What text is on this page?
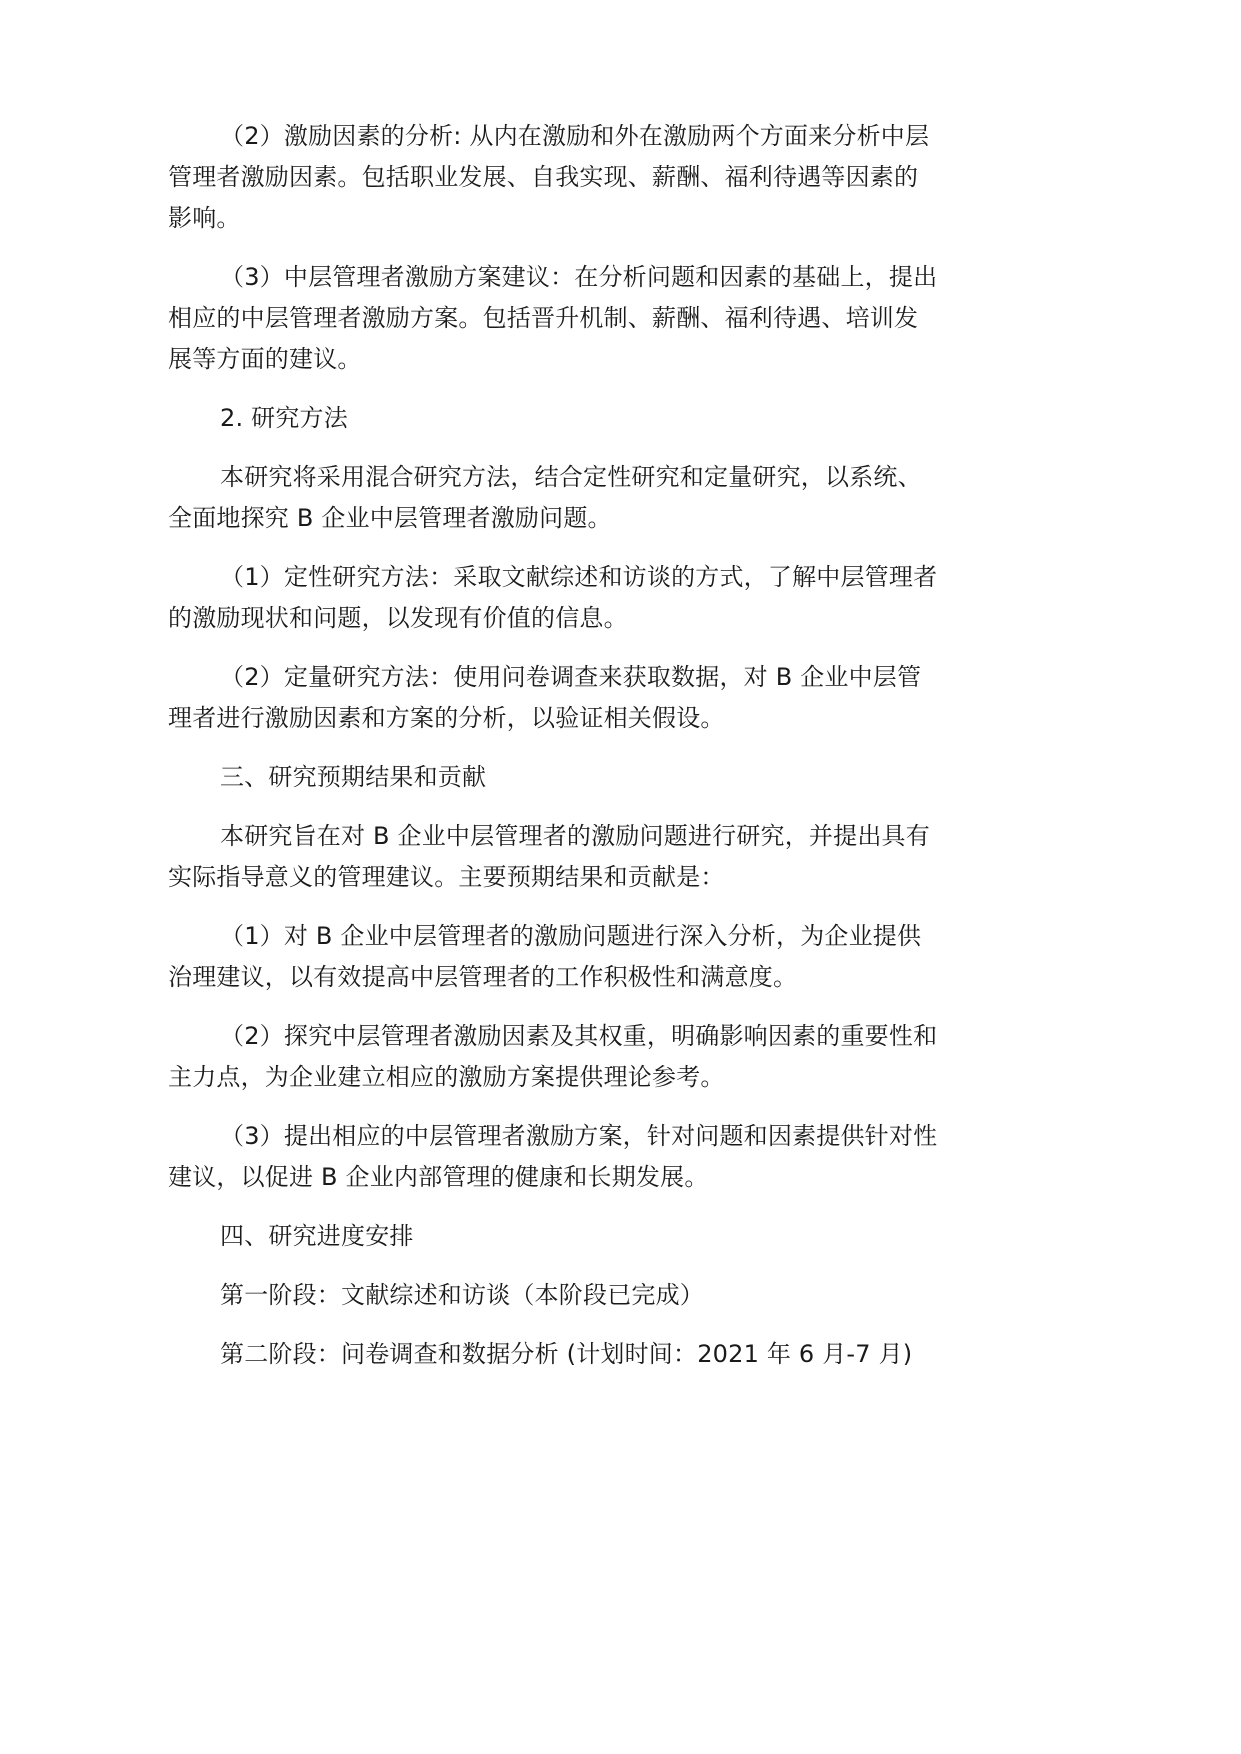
（2）激励因素的分析: 从内在激励和外在激励两个方面来分析中层管理者激励因素。包括职业发展、自我实现、薪酬、福利待遇等因素的影响。

（3）中层管理者激励方案建议：在分析问题和因素的基础上，提出相应的中层管理者激励方案。包括晋升机制、薪酬、福利待遇、培训发展等方面的建议。

2. 研究方法

本研究将采用混合研究方法，结合定性研究和定量研究，以系统、全面地探究 B 企业中层管理者激励问题。

（1）定性研究方法：采取文献综述和访谈的方式，了解中层管理者的激励现状和问题，以发现有价值的信息。

（2）定量研究方法：使用问卷调查来获取数据，对 B 企业中层管理者进行激励因素和方案的分析，以验证相关假设。

三、研究预期结果和贡献

本研究旨在对 B 企业中层管理者的激励问题进行研究，并提出具有实际指导意义的管理建议。主要预期结果和贡献是：

（1）对 B 企业中层管理者的激励问题进行深入分析，为企业提供治理建议，以有效提高中层管理者的工作积极性和满意度。

（2）探究中层管理者激励因素及其权重，明确影响因素的重要性和主力点，为企业建立相应的激励方案提供理论参考。

（3）提出相应的中层管理者激励方案，针对问题和因素提供针对性建议，以促进 B 企业内部管理的健康和长期发展。

四、研究进度安排

第一阶段：文献综述和访谈（本阶段已完成）

第二阶段：问卷调查和数据分析 (计划时间：2021 年 6 月-7 月)
